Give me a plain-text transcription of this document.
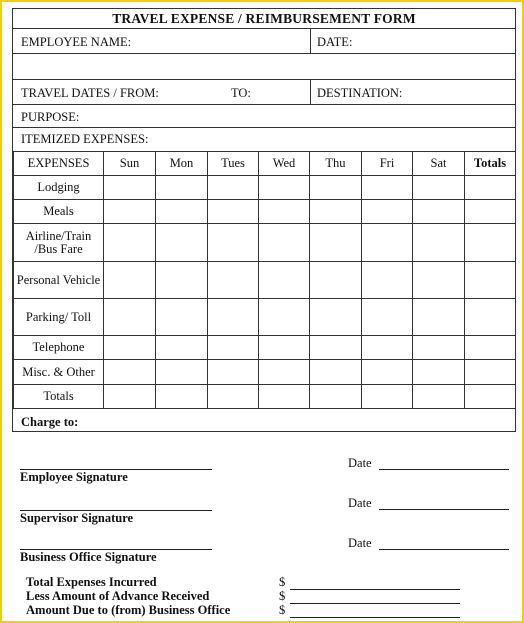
TRAVEL EXPENSE / REIMBURSEMENT FORM
EMPLOYEE NAME:	DATE:
TRAVEL DATES / FROM:	TO:	DESTINATION:
PURPOSE:
ITEMIZED EXPENSES:
EXPENSES	Sun	Mon	Tues	Wed	Thu	Fri	Sat	Totals
Lodging								
Meals								
Airline/Train /Bus Fare								
Personal Vehicle								
Parking/ Toll								
Telephone								
Misc. & Other								
Totals								
Charge to:
Date
Employee Signature
Date
Supervisor Signature
Date
Business Office Signature
Total Expenses Incurred	$
Less Amount of Advance Received	$
Amount Due to (from) Business Office	$
